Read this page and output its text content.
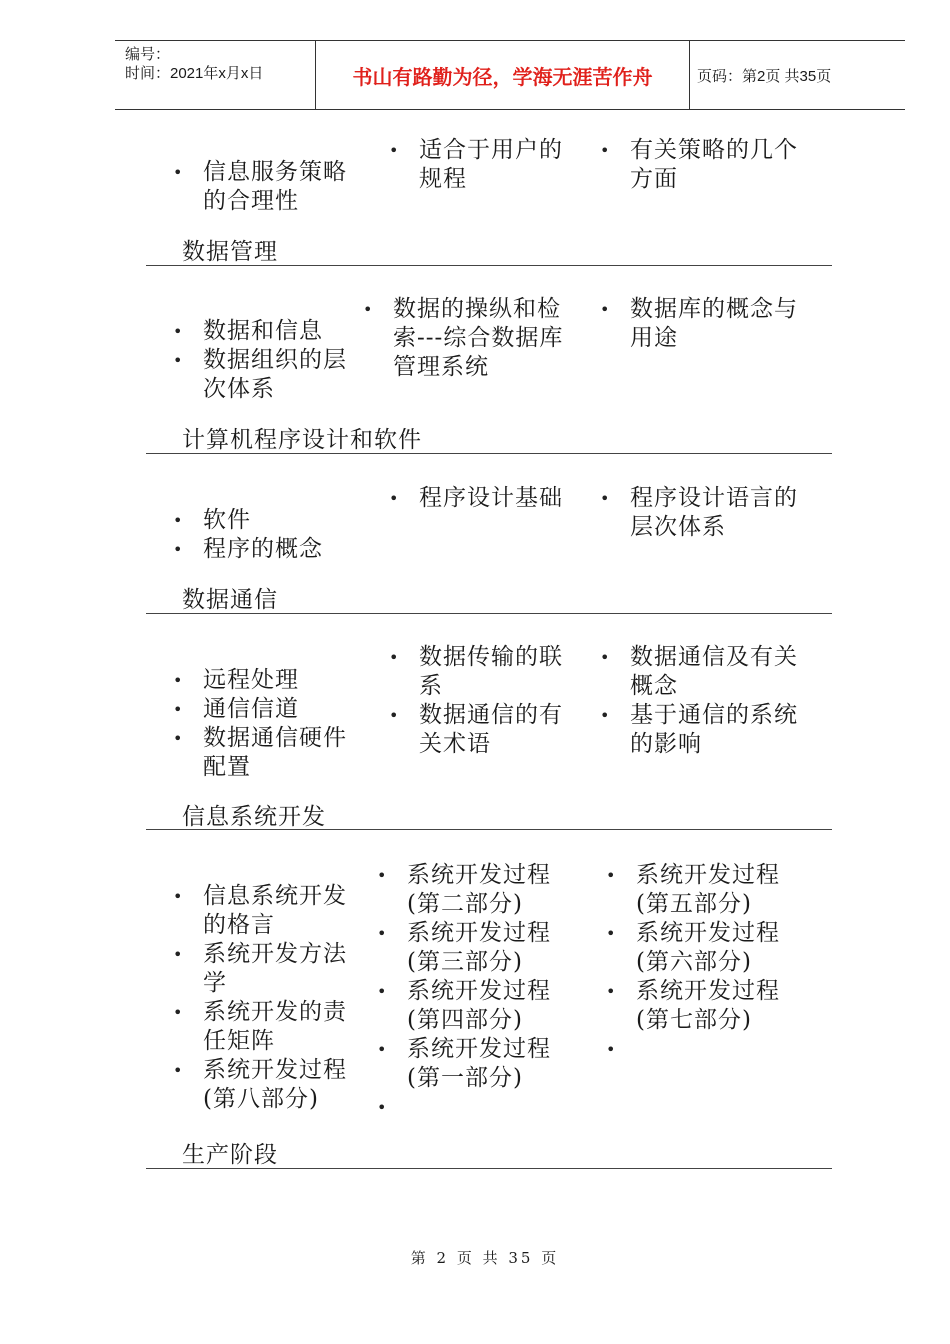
编号：
时间：2021年x月x日	书山有路勤为径，学海无涯苦作舟	页码：第2页 共35页
• 信息服务策略的合理性
• 适合于用户的规程
• 有关策略的几个方面
数据管理
• 数据和信息
• 数据组织的层次体系
• 数据的操纵和检索---综合数据库管理系统
• 数据库的概念与用途
计算机程序设计和软件
• 软件
• 程序的概念
• 程序设计基础
•	程序设计语言的层次体系
数据通信
• 远程处理
• 通信信道
• 数据通信硬件配置
• 数据传输的联系
• 数据通信的有关术语
• 数据通信及有关概念
• 基于通信的系统的影响
信息系统开发
• 信息系统开发的格言
• 系统开发方法学
• 系统开发的责任矩阵
• 系统开发过程(第八部分)
• 系统开发过程(第二部分)
• 系统开发过程(第三部分)
• 系统开发过程(第四部分)
• 系统开发过程(第一部分)
•
• 系统开发过程(第五部分)
• 系统开发过程(第六部分)
• 系统开发过程(第七部分)
•
生产阶段
第 2 页 共 35 页
